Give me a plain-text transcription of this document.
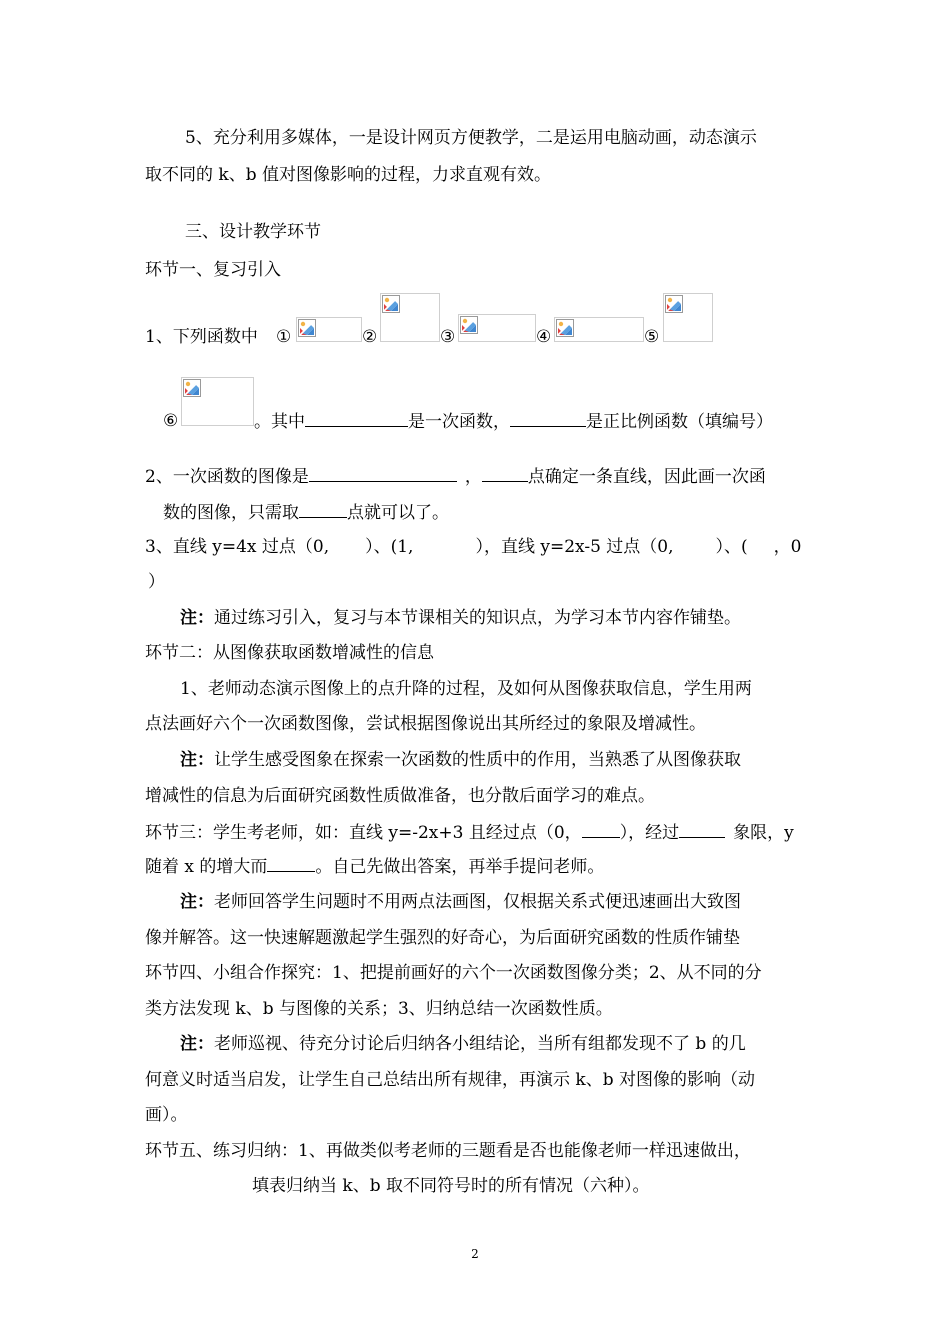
5、充分利用多媒体，一是设计网页方便教学，二是运用电脑动画，动态演示
取不同的 k、b 值对图像影响的过程，力求直观有效。
三、设计教学环节
环节一、复习引入
1、下列函数中 ①	②	③	④	⑤
⑥	。其中	是一次函数，	是正比例函数（填编号）
2、一次函数的图像是	，	点确定一条直线，因此画一次函
数的图像，只需取	点就可以了。
3、直线 y=4x 过点（0, ）、(1,	），直线 y=2x-5 过点（0, ）、( ，0
）
注：通过练习引入，复习与本节课相关的知识点，为学习本节内容作铺垫。
环节二：从图像获取函数增减性的信息
1、老师动态演示图像上的点升降的过程，及如何从图像获取信息，学生用两
点法画好六个一次函数图像，尝试根据图像说出其所经过的象限及增减性。
注：让学生感受图象在探索一次函数的性质中的作用，当熟悉了从图像获取
增减性的信息为后面研究函数性质做准备，也分散后面学习的难点。
环节三：学生考老师，如：直线 y=-2x+3 且经过点（0， ），经过	象限，y
随着 x 的增大而	。自己先做出答案，再举手提问老师。
注：老师回答学生问题时不用两点法画图，仅根据关系式便迅速画出大致图
像并解答。这一快速解题激起学生强烈的好奇心，为后面研究函数的性质作铺垫
环节四、小组合作探究：1、把提前画好的六个一次函数图像分类；2、从不同的分
类方法发现 k、b 与图像的关系；3、归纳总结一次函数性质。
注：老师巡视、待充分讨论后归纳各小组结论，当所有组都发现不了 b 的几
何意义时适当启发，让学生自己总结出所有规律，再演示 k、b 对图像的影响（动
画）。
环节五、练习归纳：1、再做类似考老师的三题看是否也能像老师一样迅速做出，
填表归纳当 k、b 取不同符号时的所有情况（六种）。
2
